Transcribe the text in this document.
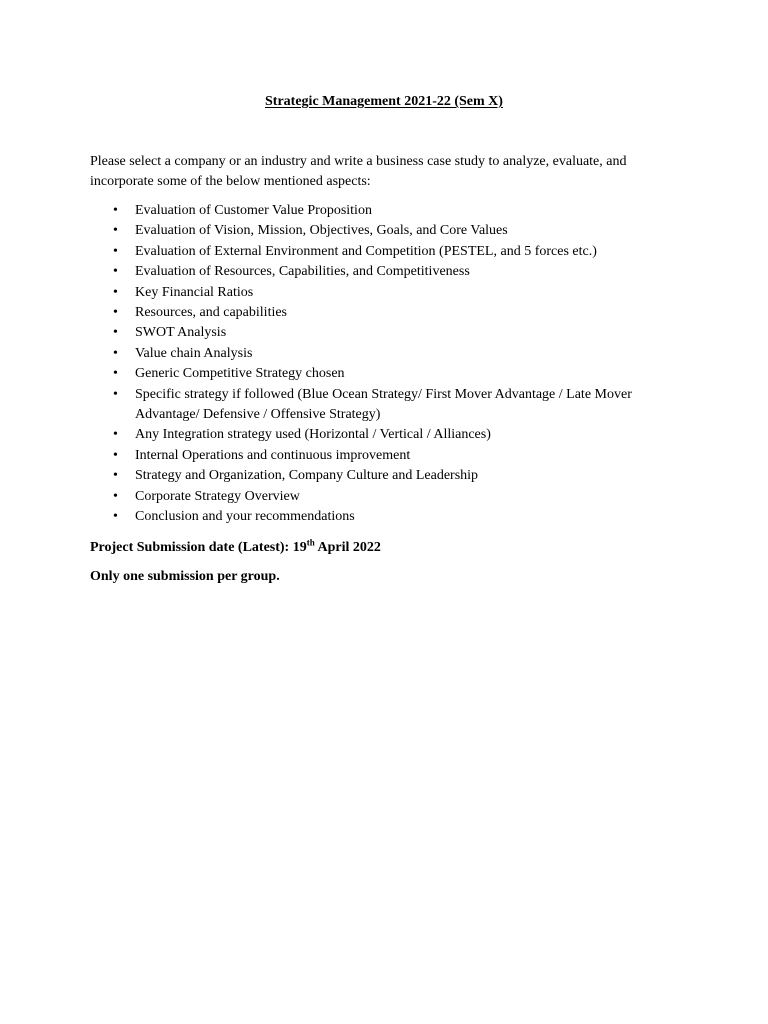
Strategic Management 2021-22 (Sem X)

Please select a company or an industry and write a business case study to analyze, evaluate, and incorporate some of the below mentioned aspects:

• Evaluation of Customer Value Proposition
• Evaluation of Vision, Mission, Objectives, Goals, and Core Values
• Evaluation of External Environment and Competition (PESTEL, and 5 forces etc.)
• Evaluation of Resources, Capabilities, and Competitiveness
• Key Financial Ratios
• Resources, and capabilities
• SWOT Analysis
• Value chain Analysis
• Generic Competitive Strategy chosen
• Specific strategy if followed (Blue Ocean Strategy/ First Mover Advantage / Late Mover Advantage/ Defensive / Offensive Strategy)
• Any Integration strategy used (Horizontal / Vertical / Alliances)
• Internal Operations and continuous improvement
• Strategy and Organization, Company Culture and Leadership
• Corporate Strategy Overview
• Conclusion and your recommendations
Project Submission date (Latest): 19th April 2022
Only one submission per group.
